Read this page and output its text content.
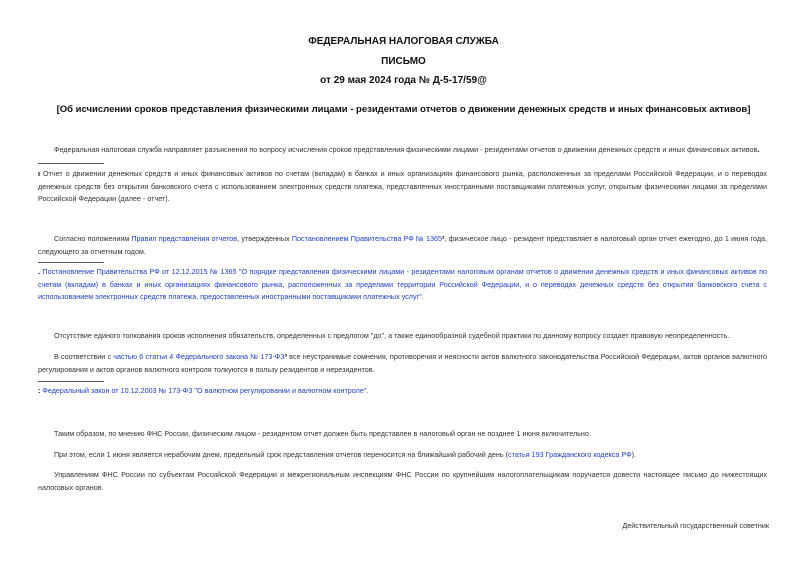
ФЕДЕРАЛЬНАЯ НАЛОГОВАЯ СЛУЖБА
ПИСЬМО
от 29 мая 2024 года № Д-5-17/59@
[Об исчислении сроков представления физическими лицами - резидентами отчетов о движении денежных средств и иных финансовых активов]
Федеральная налоговая служба направляет разъяснения по вопросу исчисления сроков представления физическими лицами - резидентами отчетов о движении денежных средств и иных финансовых активов.
ı Отчет о движении денежных средств и иных финансовых активов по счетам (вкладам) в банках и иных организациях финансового рынка, расположенных за пределами Российской Федерации, и о переводах денежных средств без открытия банковского счета с использованием электронных средств платежа, представленных иностранными поставщиками платежных услуг, открытым физическими лицами за пределами Российской Федерации (далее - отчет).
Согласно положениям Правил представления отчетов, утвержденных Постановлением Правительства РФ № 1365², физическое лицо - резидент представляет в налоговый орган отчет ежегодно, до 1 июня года, следующего за отчетным годом.
. Постановление Правительства РФ от 12.12.2015 № 1365 "О порядке представления физическими лицами - резидентами налоговым органам отчетов о движении денежных средств и иных финансовых активов по счетам (вкладам) в банках и иных организациях финансового рынка, расположенных за пределами территории Российской Федерации, и о переводах денежных средств без открытия банковского счета с использованием электронных средств платежа, предоставленных иностранными поставщиками платежных услуг".
Отсутствие единого толкования сроков исполнения обязательств, определенных с предлогом "до", а также единообразной судебной практики по данному вопросу создает правовую неопределенность.
В соответствии с частью 6 статьи 4 Федерального закона № 173-ФЗ³ все неустранимые сомнения, противоречия и неясности актов валютного законодательства Российской Федерации, актов органов валютного регулирования и актов органов валютного контроля толкуются в пользу резидентов и нерезидентов.
: Федеральный закон от 10.12.2003 № 173-ФЗ "О валютном регулировании и валютном контроле".
Таким образом, по мнению ФНС России, физическим лицом - резидентом отчет должен быть представлен в налоговый орган не позднее 1 июня включительно.
При этом, если 1 июня является нерабочим днем, предельный срок представления отчетов переносится на ближайший рабочий день (статья 193 Гражданского кодекса РФ).
Управлениям ФНС России по субъектам Российской Федерации и межрегиональным инспекциям ФНС России по крупнейшим налогоплательщикам поручается довести настоящее письмо до нижестоящих налоговых органов.
Действительный государственный советник
